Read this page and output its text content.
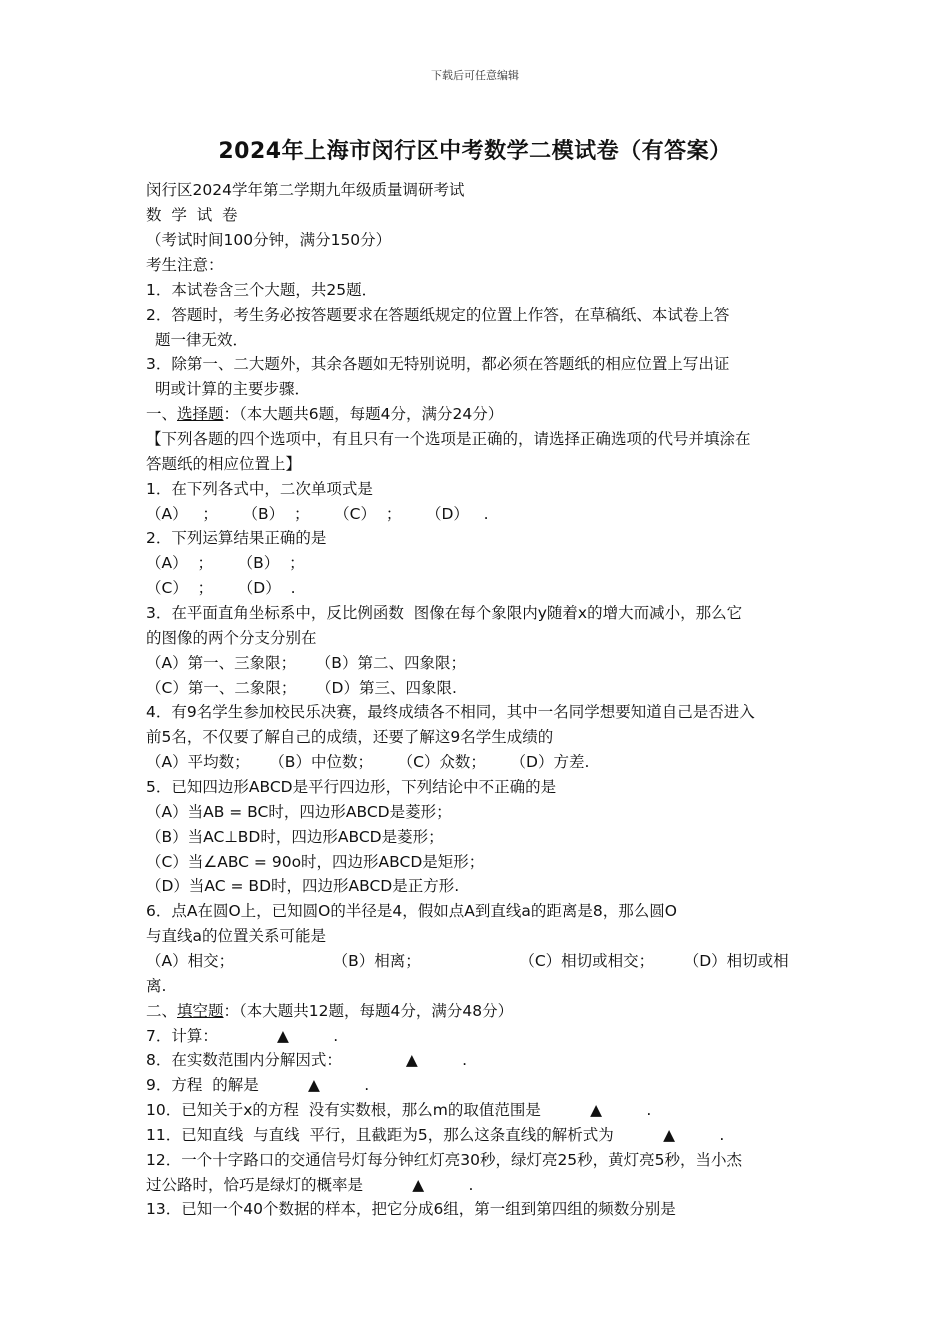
下载后可任意编辑
2024年上海市闵行区中考数学二模试卷（有答案）
闵行区2024学年第二学期九年级质量调研考试
数  学  试  卷
（考试时间100分钟，满分150分）
考生注意：
1．本试卷含三个大题，共25题．
2．答题时，考生务必按答题要求在答题纸规定的位置上作答，在草稿纸、本试卷上答
题一律无效．
3．除第一、二大题外，其余各题如无特别说明，都必须在答题纸的相应位置上写出证
明或计算的主要步骤．
一、选择题：（本大题共6题，每题4分，满分24分）
【下列各题的四个选项中，有且只有一个选项是正确的，请选择正确选项的代号并填涂在
答题纸的相应位置上】
1．在下列各式中，二次单项式是
（A）   ；     （B）  ；     （C）  ；     （D）   .
2．下列运算结果正确的是
（A）  ；     （B）  ；
（C）  ；     （D）  .
3．在平面直角坐标系中，反比例函数  图像在每个象限内y随着x的增大而减小，那么它
的图像的两个分支分别在
（A）第一、三象限；    （B）第二、四象限；
（C）第一、二象限；    （D）第三、四象限.
4．有9名学生参加校民乐决赛，最终成绩各不相同，其中一名同学想要知道自己是否进入
前5名，不仅要了解自己的成绩，还要了解这9名学生成绩的
（A）平均数；    （B）中位数；     （C）众数；     （D）方差.
5．已知四边形ABCD是平行四边形，下列结论中不正确的是
（A）当AB = BC时，四边形ABCD是菱形；
（B）当AC⊥BD时，四边形ABCD是菱形；
（C）当∠ABC = 90o时，四边形ABCD是矩形；
（D）当AC = BD时，四边形ABCD是正方形.
6．点A在圆O上，已知圆O的半径是4，假如点A到直线a的距离是8，那么圆O
与直线a的位置关系可能是
（A）相交；                    （B）相离；                    （C）相切或相交；      （D）相切或相
离.
二、填空题：（本大题共12题，每题4分，满分48分）
7．计算：            ▲         .
8．在实数范围内分解因式：             ▲         .
9．方程  的解是          ▲         .
10．已知关于x的方程  没有实数根，那么m的取值范围是          ▲         .
11．已知直线  与直线  平行，且截距为5，那么这条直线的解析式为          ▲         .
12．一个十字路口的交通信号灯每分钟红灯亮30秒，绿灯亮25秒，黄灯亮5秒，当小杰
过公路时，恰巧是绿灯的概率是          ▲         .
13．已知一个40个数据的样本，把它分成6组，第一组到第四组的频数分别是
